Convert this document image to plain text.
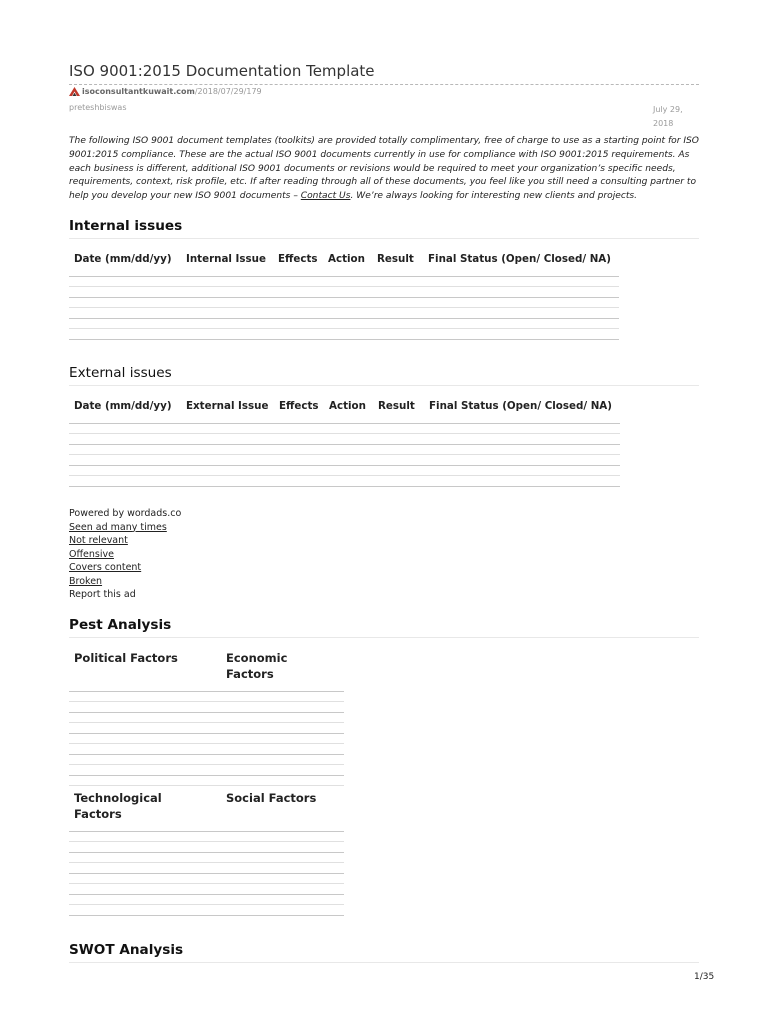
ISO 9001:2015 Documentation Template
isoconsultantkuwait.com/2018/07/29/179
preteshbiswas	July 29, 2018
The following ISO 9001 document templates (toolkits) are provided totally complimentary, free of charge to use as a starting point for ISO 9001:2015 compliance. These are the actual ISO 9001 documents currently in use for compliance with ISO 9001:2015 requirements. As each business is different, additional ISO 9001 documents or revisions would be required to meet your organization’s specific needs, requirements, context, risk profile, etc. If after reading through all of these documents, you feel like you still need a consulting partner to help you develop your new ISO 9001 documents – Contact Us. We’re always looking for interesting new clients and projects.
Internal issues
Date (mm/dd/yy) Internal Issue Effects Action Result Final Status (Open/ Closed/ NA)
External issues
Date (mm/dd/yy) External Issue Effects Action Result Final Status (Open/ Closed/ NA)
Powered by wordads.co
Seen ad many times
Not relevant
Offensive
Covers content
Broken
Report this ad
Pest Analysis
Political Factors	Economic Factors
Technological Factors
Social Factors
SWOT Analysis
1/35
